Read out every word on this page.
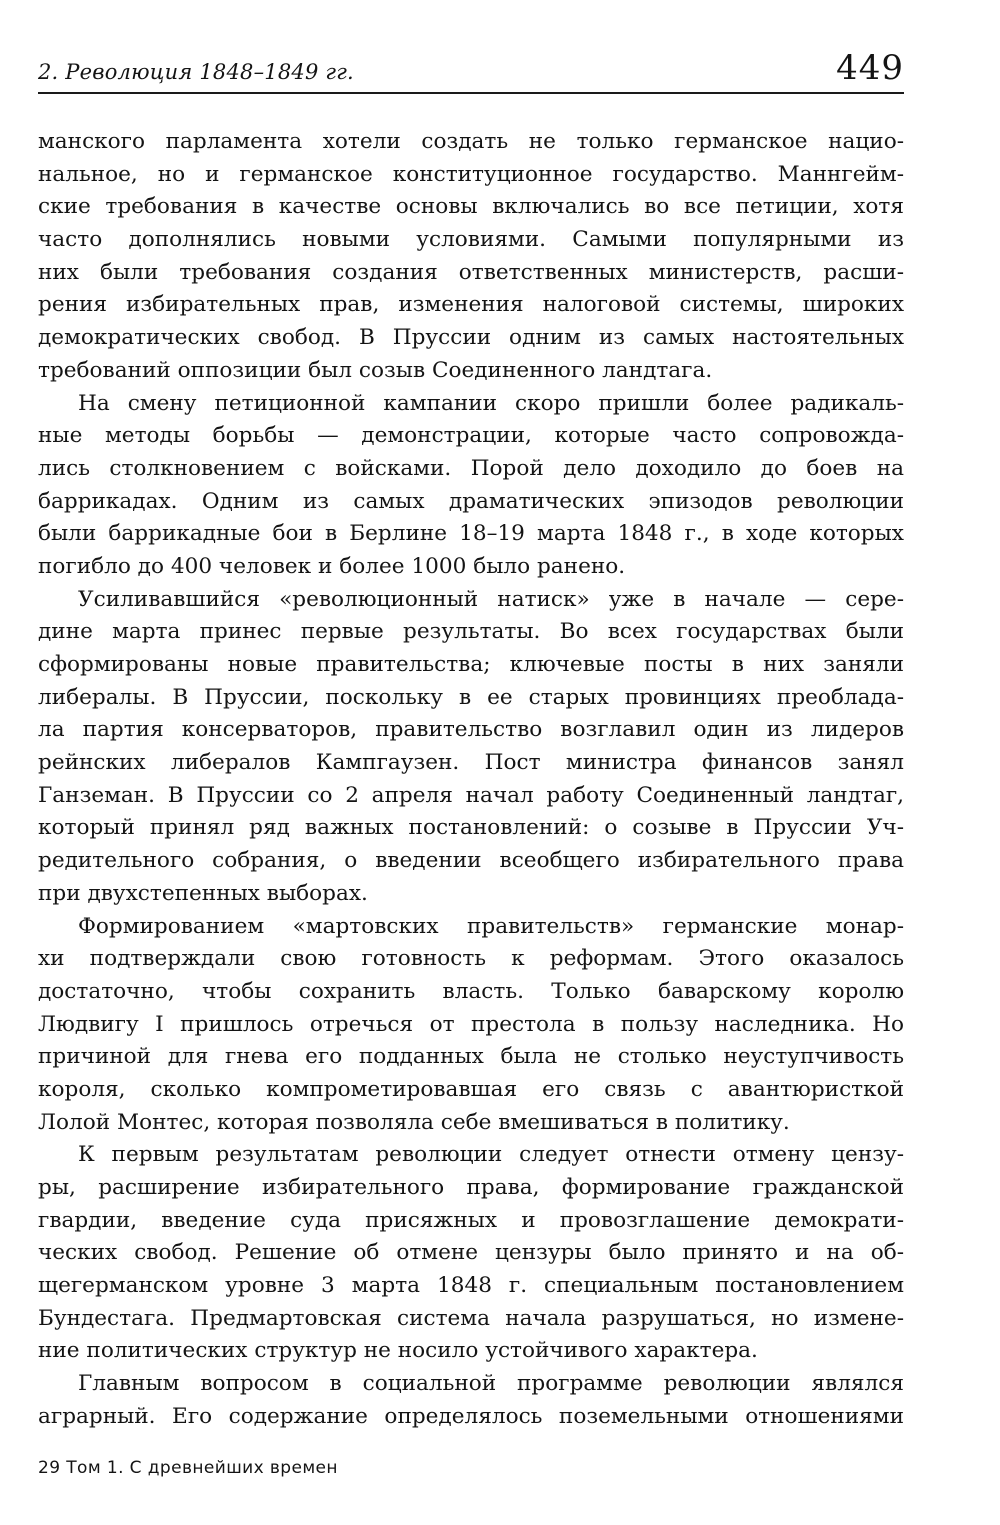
2. Революция 1848–1849 гг.	449

манского парламента хотели создать не только германское нацио-
нальное, но и германское конституционное государство. Маннгейм-
ские требования в качестве основы включались во все петиции, хотя
часто дополнялись новыми условиями. Самыми популярными из
них были требования создания ответственных министерств, расши-
рения избирательных прав, изменения налоговой системы, широких
демократических свобод. В Пруссии одним из самых настоятельных
требований оппозиции был созыв Соединенного ландтага.

На смену петиционной кампании скоро пришли более радикаль-
ные методы борьбы — демонстрации, которые часто сопровожда-
лись столкновением с войсками. Порой дело доходило до боев на
баррикадах. Одним из самых драматических эпизодов революции
были баррикадные бои в Берлине 18–19 марта 1848 г., в ходе которых
погибло до 400 человек и более 1000 было ранено.

Усиливавшийся «революционный натиск» уже в начале — сере-
дине марта принес первые результаты. Во всех государствах были
сформированы новые правительства; ключевые посты в них заняли
либералы. В Пруссии, поскольку в ее старых провинциях преоблада-
ла партия консерваторов, правительство возглавил один из лидеров
рейнских либералов Кампгаузен. Пост министра финансов занял
Ганземан. В Пруссии со 2 апреля начал работу Соединенный ландтаг,
который принял ряд важных постановлений: о созыве в Пруссии Уч-
редительного собрания, о введении всеобщего избирательного права
при двухстепенных выборах.

Формированием «мартовских правительств» германские монар-
хи подтверждали свою готовность к реформам. Этого оказалось
достаточно, чтобы сохранить власть. Только баварскому королю
Людвигу I пришлось отречься от престола в пользу наследника. Но
причиной для гнева его подданных была не столько неуступчивость
короля, сколько компрометировавшая его связь с авантюристкой
Лолой Монтес, которая позволяла себе вмешиваться в политику.

К первым результатам революции следует отнести отмену цензу-
ры, расширение избирательного права, формирование гражданской
гвардии, введение суда присяжных и провозглашение демократи-
ческих свобод. Решение об отмене цензуры было принято и на об-
щегерманском уровне 3 марта 1848 г. специальным постановлением
Бундестага. Предмартовская система начала разрушаться, но измене-
ние политических структур не носило устойчивого характера.

Главным вопросом в социальной программе революции являлся
аграрный. Его содержание определялось поземельными отношениями

29 Том 1. С древнейших времен
